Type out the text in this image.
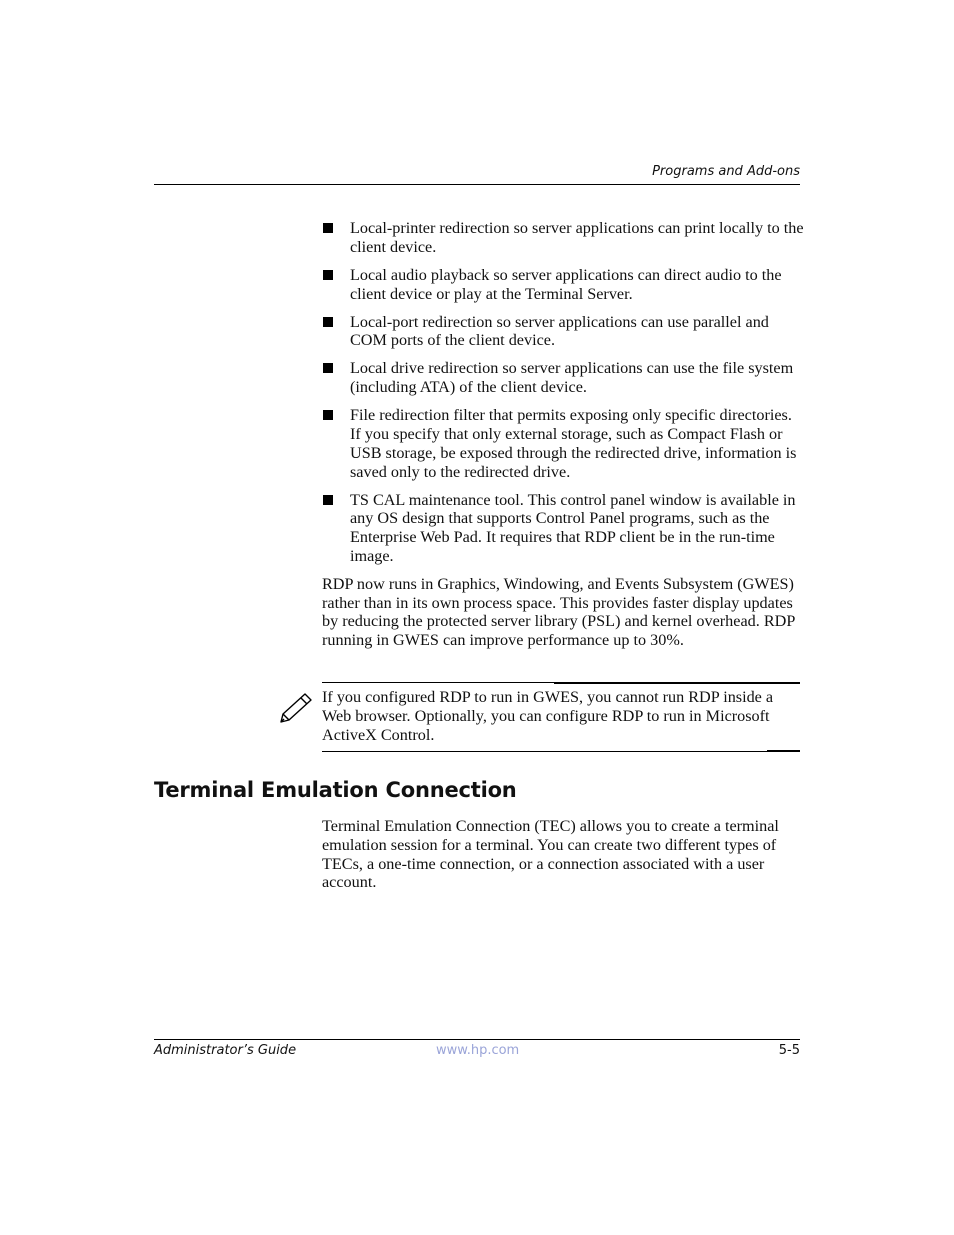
Programs and Add-ons
Local-printer redirection so server applications can print locally to the client device.
Local audio playback so server applications can direct audio to the client device or play at the Terminal Server.
Local-port redirection so server applications can use parallel and COM ports of the client device.
Local drive redirection so server applications can use the file system (including ATA) of the client device.
File redirection filter that permits exposing only specific directories. If you specify that only external storage, such as Compact Flash or USB storage, be exposed through the redirected drive, information is saved only to the redirected drive.
TS CAL maintenance tool. This control panel window is available in any OS design that supports Control Panel programs, such as the Enterprise Web Pad. It requires that RDP client be in the run-time image.

RDP now runs in Graphics, Windowing, and Events Subsystem (GWES) rather than in its own process space. This provides faster display updates by reducing the protected server library (PSL) and kernel overhead. RDP running in GWES can improve performance up to 30%.

If you configured RDP to run in GWES, you cannot run RDP inside a Web browser. Optionally, you can configure RDP to run in Microsoft ActiveX Control.
Terminal Emulation Connection

Terminal Emulation Connection (TEC) allows you to create a terminal emulation session for a terminal. You can create two different types of TECs, a one-time connection, or a connection associated with a user account.

Administrator’s Guide	www.hp.com	5-5
